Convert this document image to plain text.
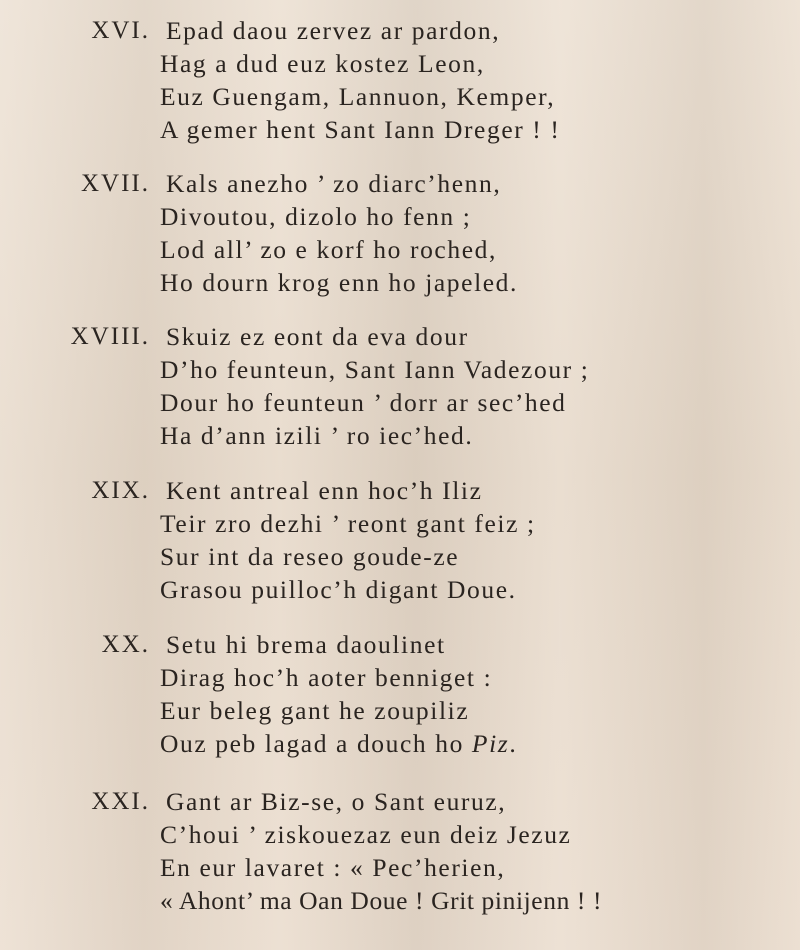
XVI. Epad daou zervez ar pardon,
Hag a dud euz kostez Leon,
Euz Guengam, Lannuon, Kemper,
A gemer hent Sant Iann Dreger ! !
XVII. Kals anezho ’ zo diarc’henn,
Divoutou, dizolo ho fenn ;
Lod all’ zo e korf ho roched,
Ho dourn krog enn ho japeled.
XVIII. Skuiz ez eont da eva dour
D’ho feunteun, Sant Iann Vadezour ;
Dour ho feunteun ’ dorr ar sec’hed
Ha d’ann izili ’ ro iec’hed.
XIX. Kent antreal enn hoc’h Iliz
Teir zro dezhi ’ reont gant feiz ;
Sur int da reseo goude-ze
Grasou puilloc’h digant Doue.
XX. Setu hi brema daoulinet
Dirag hoc’h aoter benniget :
Eur beleg gant he zoupiliz
Ouz peb lagad a douch ho Piz.
XXI. Gant ar Biz-se, o Sant euruz,
C’houi ’ ziskouezaz eun deiz Jezuz
En eur lavaret : « Pec’herien,
« Ahont’ ma Oan Doue ! Grit pinijenn ! !
